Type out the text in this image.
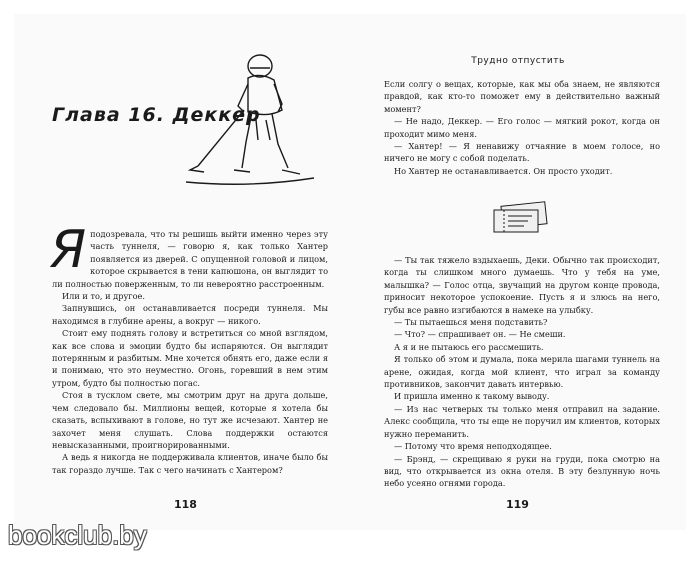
Глава 16. Деккер

Яподозревала, что ты решишь выйти именно через эту часть туннеля, — говорю я, как только Хантер появляется из дверей. С опущенной головой и лицом, которое скрывается в тени капюшона, он выглядит то ли полностью поверженным, то ли невероятно расстроенным.

Или и то, и другое.

Запнувшись, он останавливается посреди туннеля. Мы находимся в глубине арены, а вокруг — никого.

Стоит ему поднять голову и встретиться со мной взглядом, как все слова и эмоции будто бы испаряются. Он выглядит потерянным и разбитым. Мне хочется обнять его, даже если я и понимаю, что это неуместно. Огонь, горевший в нем этим утром, будто бы полностью погас.

Стоя в тусклом свете, мы смотрим друг на друга дольше, чем следовало бы. Миллионы вещей, которые я хотела бы сказать, вспыхивают в голове, но тут же исчезают. Хантер не захочет меня слушать. Слова поддержки остаются невысказанными, проигнорированными.

А ведь я никогда не поддерживала клиентов, иначе было бы так гораздо лучше. Так с чего начинать с Хантером?

118
Трудно отпустить

Если солгу о вещах, которые, как мы оба знаем, не являются правдой, как кто-то поможет ему в действительно важный момент?

— Не надо, Деккер. — Его голос — мягкий рокот, когда он проходит мимо меня.

— Хантер! — Я ненавижу отчаяние в моем голосе, но ничего не могу с собой поделать.

Но Хантер не останавливается. Он просто уходит.

— Ты так тяжело вздыхаешь, Деки. Обычно так происходит, когда ты слишком много думаешь. Что у тебя на уме, малышка? — Голос отца, звучащий на другом конце провода, приносит некоторое успокоение. Пусть я и злюсь на него, губы все равно изгибаются в намеке на улыбку.

— Ты пытаешься меня подставить?

— Что? — спрашивает он. — Не смеши.

А я и не пытаюсь его рассмешить.

Я только об этом и думала, пока мерила шагами туннель на арене, ожидая, когда мой клиент, что играл за команду противников, закончит давать интервью.

И пришла именно к такому выводу.

— Из нас четверых ты только меня отправил на задание. Алекс сообщила, что ты еще не поручил им клиентов, которых нужно переманить.

— Потому что время неподходящее.

— Брэнд, — скрещиваю я руки на груди, пока смотрю на вид, что открывается из окна отеля. В эту безлунную ночь небо усеяно огнями города.

119
bookclub.by
